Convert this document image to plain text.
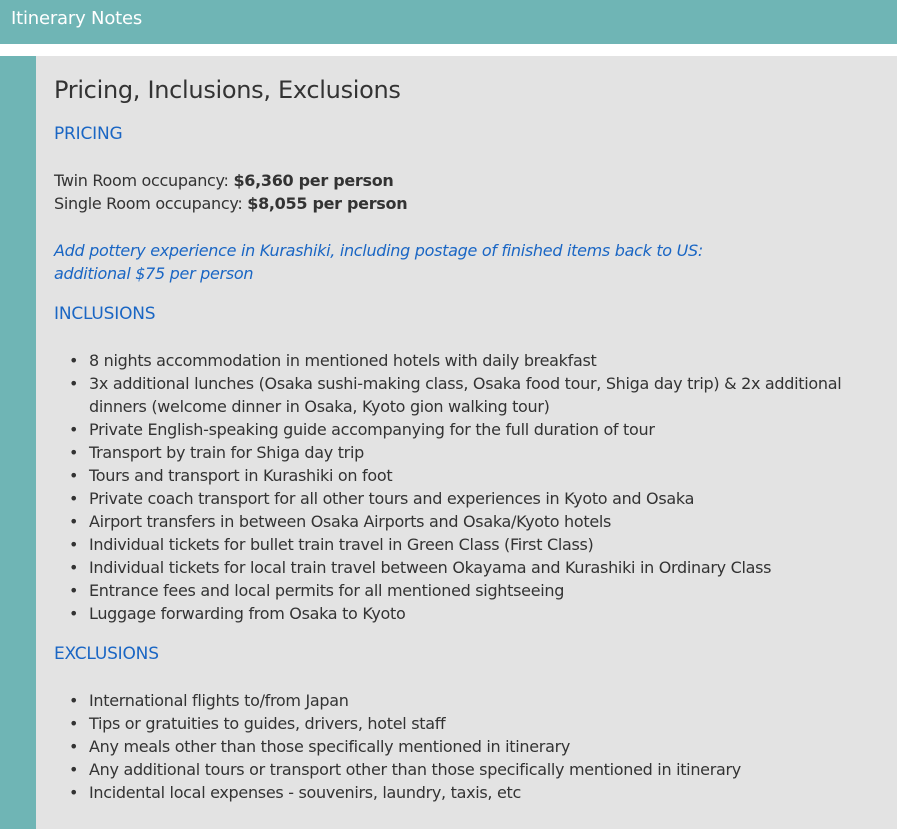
Itinerary Notes
Pricing, Inclusions, Exclusions
PRICING
Twin Room occupancy: $6,360 per person
Single Room occupancy: $8,055 per person
Add pottery experience in Kurashiki, including postage of finished items back to US: additional $75 per person
INCLUSIONS
• 8 nights accommodation in mentioned hotels with daily breakfast
• 3x additional lunches (Osaka sushi-making class, Osaka food tour, Shiga day trip) & 2x additional dinners (welcome dinner in Osaka, Kyoto gion walking tour)
• Private English-speaking guide accompanying for the full duration of tour
• Transport by train for Shiga day trip
• Tours and transport in Kurashiki on foot
• Private coach transport for all other tours and experiences in Kyoto and Osaka
• Airport transfers in between Osaka Airports and Osaka/Kyoto hotels
• Individual tickets for bullet train travel in Green Class (First Class)
• Individual tickets for local train travel between Okayama and Kurashiki in Ordinary Class
• Entrance fees and local permits for all mentioned sightseeing
• Luggage forwarding from Osaka to Kyoto
EXCLUSIONS
• International flights to/from Japan
• Tips or gratuities to guides, drivers, hotel staff
• Any meals other than those specifically mentioned in itinerary
• Any additional tours or transport other than those specifically mentioned in itinerary
• Incidental local expenses - souvenirs, laundry, taxis, etc
